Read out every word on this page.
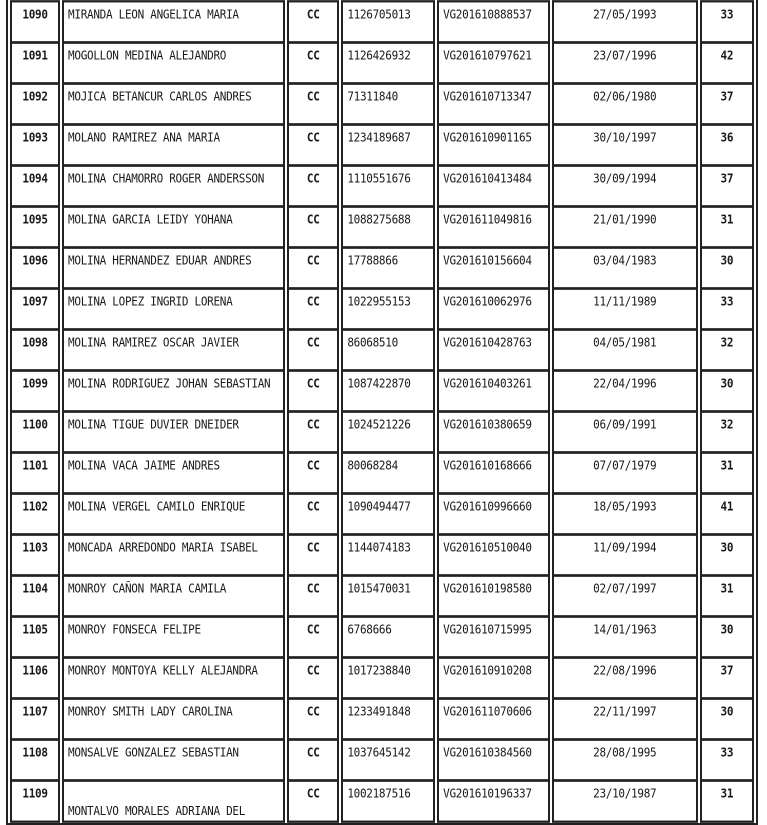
1090	MIRANDA LEON ANGELICA MARIA	CC	1126705013	VG201610888537	27/05/1993	33
1091	MOGOLLON MEDINA ALEJANDRO	CC	1126426932	VG201610797621	23/07/1996	42
1092	MOJICA BETANCUR CARLOS ANDRES	CC	71311840	VG201610713347	02/06/1980	37
1093	MOLANO RAMIREZ ANA MARIA	CC	1234189687	VG201610901165	30/10/1997	36
1094	MOLINA CHAMORRO ROGER ANDERSSON	CC	1110551676	VG201610413484	30/09/1994	37
1095	MOLINA GARCIA LEIDY YOHANA	CC	1088275688	VG201611049816	21/01/1990	31
1096	MOLINA HERNANDEZ EDUAR ANDRES	CC	17788866	VG201610156604	03/04/1983	30
1097	MOLINA LOPEZ INGRID LORENA	CC	1022955153	VG201610062976	11/11/1989	33
1098	MOLINA RAMIREZ OSCAR JAVIER	CC	86068510	VG201610428763	04/05/1981	32
1099	MOLINA RODRIGUEZ JOHAN SEBASTIAN	CC	1087422870	VG201610403261	22/04/1996	30
1100	MOLINA TIGUE DUVIER DNEIDER	CC	1024521226	VG201610380659	06/09/1991	32
1101	MOLINA VACA JAIME ANDRES	CC	80068284	VG201610168666	07/07/1979	31
1102	MOLINA VERGEL CAMILO ENRIQUE	CC	1090494477	VG201610996660	18/05/1993	41
1103	MONCADA ARREDONDO MARIA ISABEL	CC	1144074183	VG201610510040	11/09/1994	30
1104	MONROY CAÑON MARIA CAMILA	CC	1015470031	VG201610198580	02/07/1997	31
1105	MONROY FONSECA FELIPE	CC	6768666	VG201610715995	14/01/1963	30
1106	MONROY MONTOYA KELLY ALEJANDRA	CC	1017238840	VG201610910208	22/08/1996	37
1107	MONROY SMITH LADY CAROLINA	CC	1233491848	VG201611070606	22/11/1997	30
1108	MONSALVE GONZALEZ SEBASTIAN	CC	1037645142	VG201610384560	28/08/1995	33
1109	MONTALVO MORALES ADRIANA DEL	CC	1002187516	VG201610196337	23/10/1987	31
